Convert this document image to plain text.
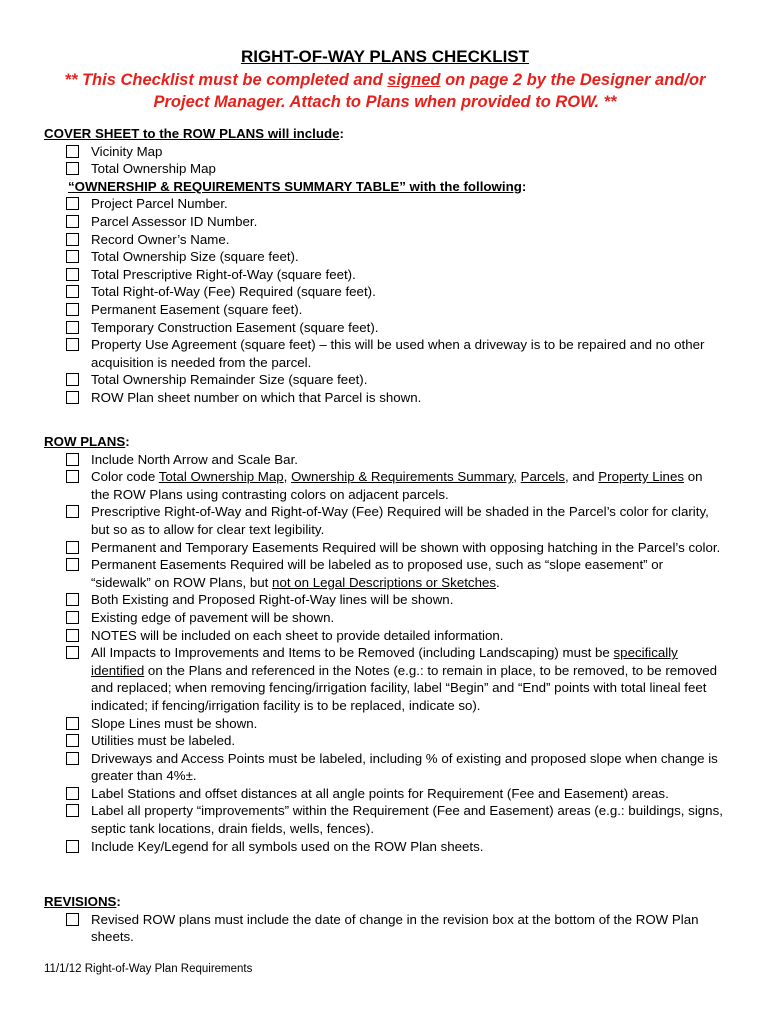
RIGHT-OF-WAY PLANS CHECKLIST
** This Checklist must be completed and signed on page 2 by the Designer and/or Project Manager. Attach to Plans when provided to ROW. **
COVER SHEET to the ROW PLANS will include:
Vicinity Map
Total Ownership Map
“OWNERSHIP & REQUIREMENTS SUMMARY TABLE” with the following:
Project Parcel Number.
Parcel Assessor ID Number.
Record Owner’s Name.
Total Ownership Size (square feet).
Total Prescriptive Right-of-Way (square feet).
Total Right-of-Way (Fee) Required (square feet).
Permanent Easement (square feet).
Temporary Construction Easement (square feet).
Property Use Agreement (square feet) – this will be used when a driveway is to be repaired and no other acquisition is needed from the parcel.
Total Ownership Remainder Size (square feet).
ROW Plan sheet number on which that Parcel is shown.
ROW PLANS:
Include North Arrow and Scale Bar.
Color code Total Ownership Map, Ownership & Requirements Summary, Parcels, and Property Lines on the ROW Plans using contrasting colors on adjacent parcels.
Prescriptive Right-of-Way and Right-of-Way (Fee) Required will be shaded in the Parcel’s color for clarity, but so as to allow for clear text legibility.
Permanent and Temporary Easements Required will be shown with opposing hatching in the Parcel’s color.
Permanent Easements Required will be labeled as to proposed use, such as “slope easement” or “sidewalk” on ROW Plans, but not on Legal Descriptions or Sketches.
Both Existing and Proposed Right-of-Way lines will be shown.
Existing edge of pavement will be shown.
NOTES will be included on each sheet to provide detailed information.
All Impacts to Improvements and Items to be Removed (including Landscaping) must be specifically identified on the Plans and referenced in the Notes (e.g.: to remain in place, to be removed, to be removed and replaced; when removing fencing/irrigation facility, label “Begin” and “End” points with total lineal feet indicated; if fencing/irrigation facility is to be replaced, indicate so).
Slope Lines must be shown.
Utilities must be labeled.
Driveways and Access Points must be labeled, including % of existing and proposed slope when change is greater than 4%±.
Label Stations and offset distances at all angle points for Requirement (Fee and Easement) areas.
Label all property “improvements” within the Requirement (Fee and Easement) areas (e.g.: buildings, signs, septic tank locations, drain fields, wells, fences).
Include Key/Legend for all symbols used on the ROW Plan sheets.
REVISIONS:
Revised ROW plans must include the date of change in the revision box at the bottom of the ROW Plan sheets.
11/1/12 Right-of-Way Plan Requirements
